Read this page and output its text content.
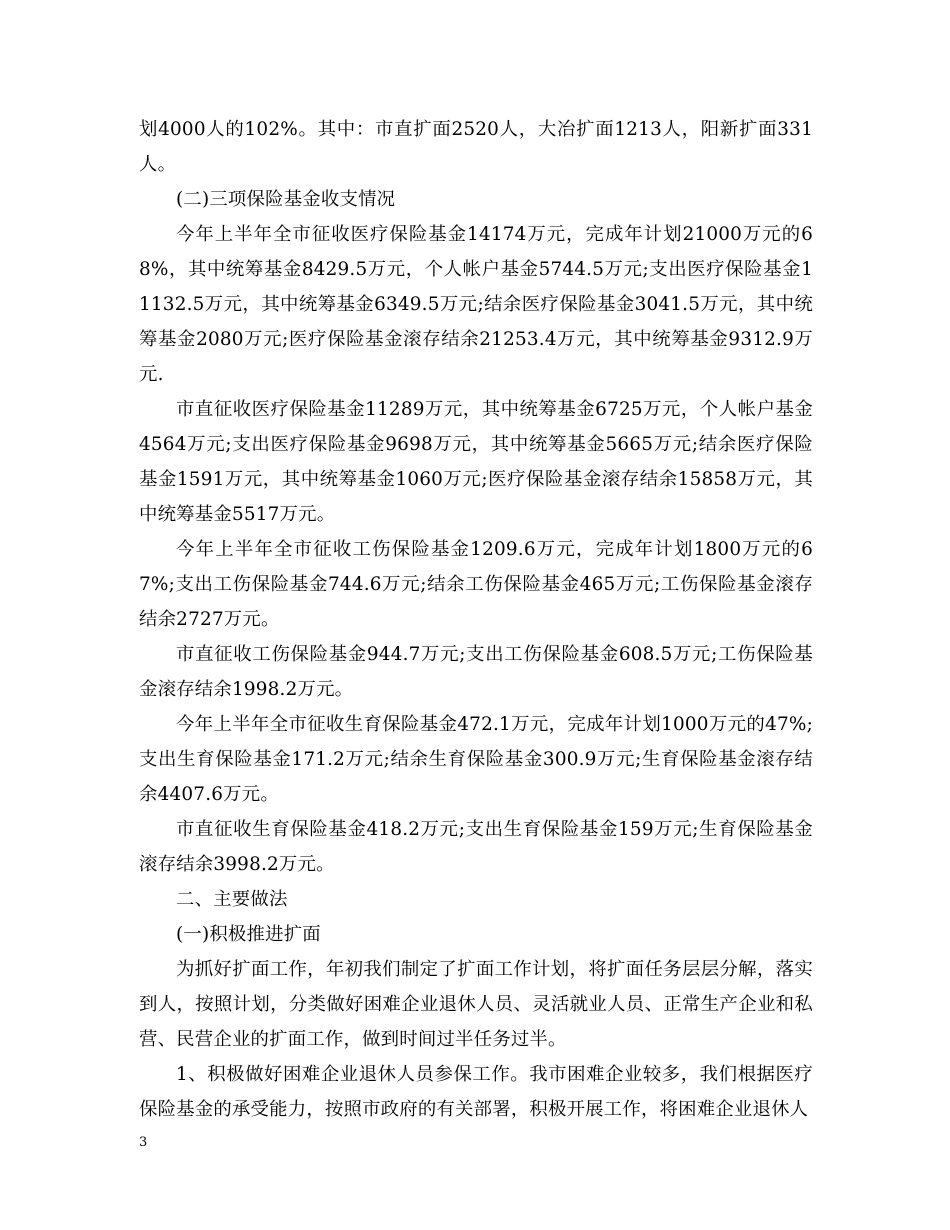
划4000人的102%。其中：市直扩面2520人，大冶扩面1213人，阳新扩面331人。

(二)三项保险基金收支情况

今年上半年全市征收医疗保险基金14174万元，完成年计划21000万元的68%，其中统筹基金8429.5万元，个人帐户基金5744.5万元;支出医疗保险基金11132.5万元，其中统筹基金6349.5万元;结余医疗保险基金3041.5万元，其中统筹基金2080万元;医疗保险基金滚存结余21253.4万元，其中统筹基金9312.9万元.

市直征收医疗保险基金11289万元，其中统筹基金6725万元，个人帐户基金4564万元;支出医疗保险基金9698万元，其中统筹基金5665万元;结余医疗保险基金1591万元，其中统筹基金1060万元;医疗保险基金滚存结余15858万元，其中统筹基金5517万元。

今年上半年全市征收工伤保险基金1209.6万元，完成年计划1800万元的67%;支出工伤保险基金744.6万元;结余工伤保险基金465万元;工伤保险基金滚存结余2727万元。

市直征收工伤保险基金944.7万元;支出工伤保险基金608.5万元;工伤保险基金滚存结余1998.2万元。

今年上半年全市征收生育保险基金472.1万元，完成年计划1000万元的47%;支出生育保险基金171.2万元;结余生育保险基金300.9万元;生育保险基金滚存结余4407.6万元。

市直征收生育保险基金418.2万元;支出生育保险基金159万元;生育保险基金滚存结余3998.2万元。

二、主要做法

(一)积极推进扩面

为抓好扩面工作，年初我们制定了扩面工作计划，将扩面任务层层分解，落实到人，按照计划，分类做好困难企业退休人员、灵活就业人员、正常生产企业和私营、民营企业的扩面工作，做到时间过半任务过半。

1、积极做好困难企业退休人员参保工作。我市困难企业较多，我们根据医疗保险基金的承受能力，按照市政府的有关部署，积极开展工作，将困难企业退休人

3
